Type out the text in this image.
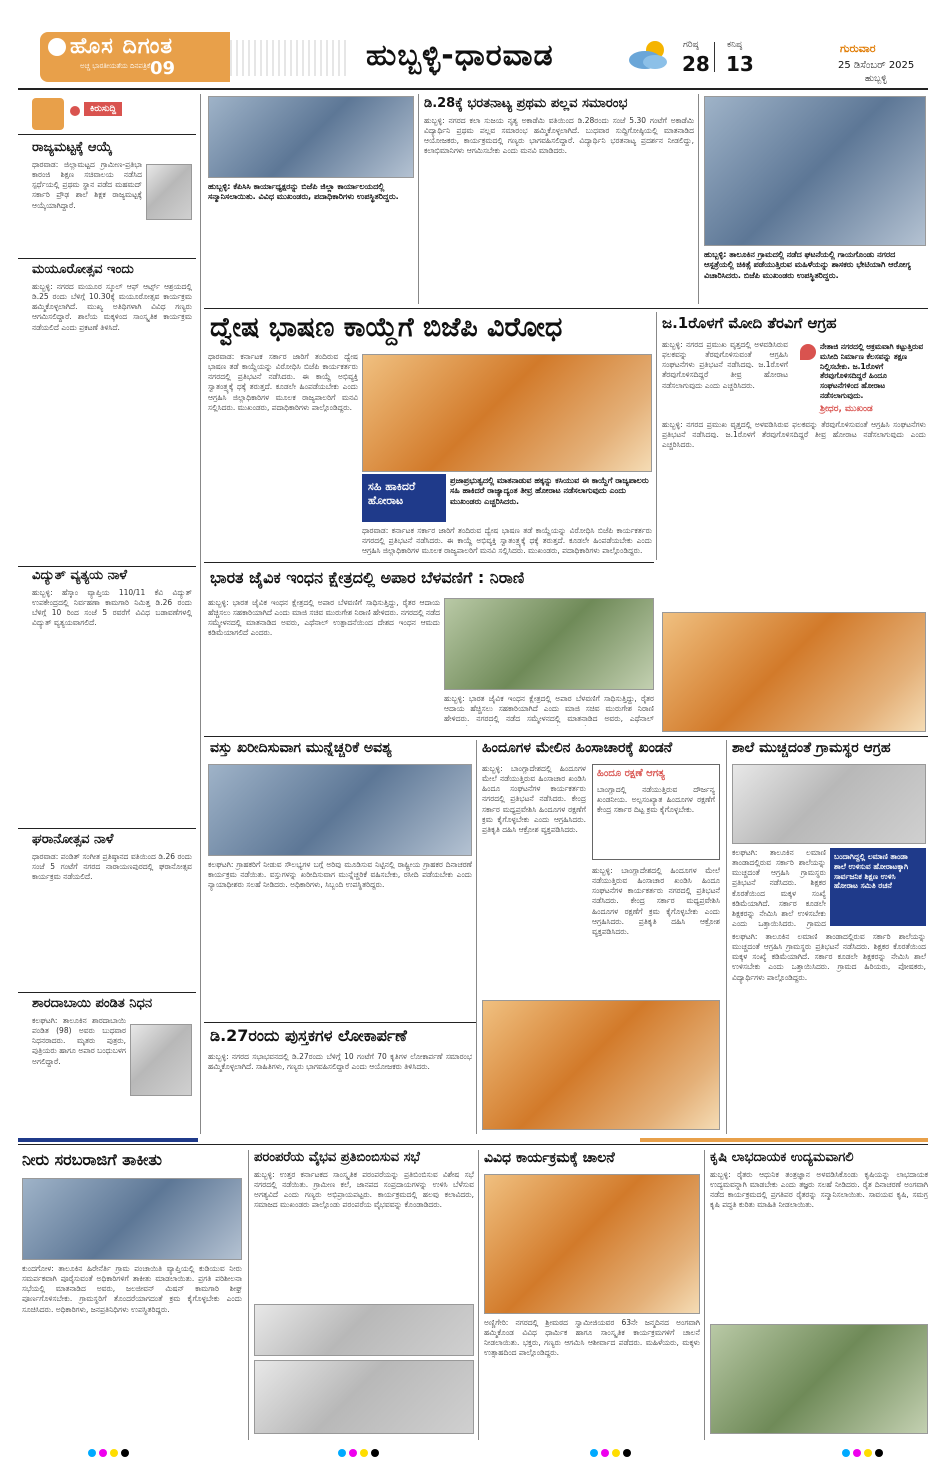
ಹೊಸ ದಿಗಂತ
ಅಚ್ಚ ಭಾರತೀಯತೆಯ ದಿನಪತ್ರಿಕೆ 09	ಹುಬ್ಬಳ್ಳಿ-ಧಾರವಾಡ	ಗರಿಷ್ಠ
28
ಕನಿಷ್ಠ
13
ಗುರುವಾರ
25 ಡಿಸೆಂಬರ್ 2025
ಹುಬ್ಬಳ್ಳಿ
ಕಿರುಸುದ್ದಿ
ರಾಜ್ಯಮಟ್ಟಕ್ಕೆ ಆಯ್ಕೆ
ಧಾರವಾಡ: ಜಿಲ್ಲಾಮಟ್ಟದ ಗ್ರಾಮೀಣ-ಪ್ರತಿಭಾ ಕಾರಂಜಿ ಶಿಕ್ಷಣ ಸಚಿವಾಲಯ ನಡೆಸಿದ ಸ್ಪರ್ಧೆಯಲ್ಲಿ ಪ್ರಥಮ ಸ್ಥಾನ ಪಡೆದ ಮಹಮದ್ ಸರ್ಕಾರಿ ಪ್ರೌಢ ಶಾಲೆ ಶಿಕ್ಷಕ ರಾಜ್ಯಮಟ್ಟಕ್ಕೆ ಆಯ್ಕೆಯಾಗಿದ್ದಾರೆ.
ಮಯೂರೋತ್ಸವ ಇಂದು
ಹುಬ್ಬಳ್ಳಿ: ನಗರದ ಮಯೂರ ಸ್ಕೂಲ್ ಆಫ್ ಆರ್ಟ್ಸ್ ಆಶ್ರಯದಲ್ಲಿ ಡಿ.25 ರಂದು ಬೆಳಿಗ್ಗೆ 10.30ಕ್ಕೆ ಮಯೂರೋತ್ಸವ ಕಾರ್ಯಕ್ರಮ ಹಮ್ಮಿಕೊಳ್ಳಲಾಗಿದೆ. ಮುಖ್ಯ ಅತಿಥಿಗಳಾಗಿ ವಿವಿಧ ಗಣ್ಯರು ಆಗಮಿಸಲಿದ್ದಾರೆ. ಶಾಲೆಯ ಮಕ್ಕಳಿಂದ ಸಾಂಸ್ಕೃತಿಕ ಕಾರ್ಯಕ್ರಮ ನಡೆಯಲಿದೆ ಎಂದು ಪ್ರಕಟಣೆ ತಿಳಿಸಿದೆ.
ವಿದ್ಯುತ್ ವ್ಯತ್ಯಯ ನಾಳೆ
ಹುಬ್ಬಳ್ಳಿ: ಹೆಸ್ಕಾಂ ವ್ಯಾಪ್ತಿಯ 110/11 ಕೆವಿ ವಿದ್ಯುತ್ ಉಪಕೇಂದ್ರದಲ್ಲಿ ನಿರ್ವಹಣಾ ಕಾಮಗಾರಿ ನಿಮಿತ್ತ ಡಿ.26 ರಂದು ಬೆಳಿಗ್ಗೆ 10 ರಿಂದ ಸಂಜೆ 5 ರವರೆಗೆ ವಿವಿಧ ಬಡಾವಣೆಗಳಲ್ಲಿ ವಿದ್ಯುತ್ ವ್ಯತ್ಯಯವಾಗಲಿದೆ.
ಘರಾನೋತ್ಸವ ನಾಳೆ
ಧಾರವಾಡ: ಪಂಡಿತ್ ಸಂಗೀತ ಪ್ರತಿಷ್ಠಾನದ ವತಿಯಿಂದ ಡಿ.26 ರಂದು ಸಂಜೆ 5 ಗಂಟೆಗೆ ನಗರದ ನಾರಾಯಣಪುರದಲ್ಲಿ ಘರಾನೋತ್ಸವ ಕಾರ್ಯಕ್ರಮ ನಡೆಯಲಿದೆ.
ಶಾರದಾಬಾಯಿ ಪಂಡಿತ ನಿಧನ
ಕಲಘಟಗಿ: ತಾಲೂಕಿನ ಶಾರದಾಬಾಯಿ ಪಂಡಿತ (98) ಅವರು ಬುಧವಾರ ನಿಧನರಾದರು. ಮೃತರು ಪುತ್ರರು, ಪುತ್ರಿಯರು ಹಾಗೂ ಅಪಾರ ಬಂಧುಬಳಗ ಅಗಲಿದ್ದಾರೆ.
ಹುಬ್ಬಳ್ಳಿ: ಕೆಪಿಸಿಸಿ ಕಾರ್ಯಾಧ್ಯಕ್ಷರನ್ನು ಬಿಜೆಪಿ ಜಿಲ್ಲಾ ಕಾರ್ಯಾಲಯದಲ್ಲಿ ಸನ್ಮಾನಿಸಲಾಯಿತು. ವಿವಿಧ ಮುಖಂಡರು, ಪದಾಧಿಕಾರಿಗಳು ಉಪಸ್ಥಿತರಿದ್ದರು.
ಡಿ.28ಕ್ಕೆ ಭರತನಾಟ್ಯ ಪ್ರಥಮ ಪಲ್ಲವ ಸಮಾರಂಭ
ಹುಬ್ಬಳ್ಳಿ: ನಗರದ ಕಲಾ ಸುಜಯ ನೃತ್ಯ ಅಕಾಡೆಮಿ ವತಿಯಿಂದ ಡಿ.28ರಂದು ಸಂಜೆ 5.30 ಗಂಟೆಗೆ ಅಕಾಡೆಮಿ ವಿದ್ಯಾರ್ಥಿನಿ ಪ್ರಥಮ ಪಲ್ಲವ ಸಮಾರಂಭ ಹಮ್ಮಿಕೊಳ್ಳಲಾಗಿದೆ. ಬುಧವಾರ ಸುದ್ದಿಗೋಷ್ಠಿಯಲ್ಲಿ ಮಾತನಾಡಿದ ಆಯೋಜಕರು, ಕಾರ್ಯಕ್ರಮದಲ್ಲಿ ಗಣ್ಯರು ಭಾಗವಹಿಸಲಿದ್ದಾರೆ. ವಿದ್ಯಾರ್ಥಿನಿ ಭರತನಾಟ್ಯ ಪ್ರದರ್ಶನ ನೀಡಲಿದ್ದು, ಕಲಾಭಿಮಾನಿಗಳು ಆಗಮಿಸಬೇಕು ಎಂದು ಮನವಿ ಮಾಡಿದರು.
ಹುಬ್ಬಳ್ಳಿ: ತಾಲೂಕಿನ ಗ್ರಾಮದಲ್ಲಿ ನಡೆದ ಘಟನೆಯಲ್ಲಿ ಗಾಯಗೊಂಡು ನಗರದ ಆಸ್ಪತ್ರೆಯಲ್ಲಿ ಚಿಕಿತ್ಸೆ ಪಡೆಯುತ್ತಿರುವ ಮಹಿಳೆಯನ್ನು ಶಾಸಕರು ಭೇಟಿಯಾಗಿ ಆರೋಗ್ಯ ವಿಚಾರಿಸಿದರು. ಬಿಜೆಪಿ ಮುಖಂಡರು ಉಪಸ್ಥಿತರಿದ್ದರು.
ದ್ವೇಷ ಭಾಷಣ ಕಾಯ್ದೆಗೆ ಬಿಜೆಪಿ ವಿರೋಧ
ಧಾರವಾಡ: ಕರ್ನಾಟಕ ಸರ್ಕಾರ ಜಾರಿಗೆ ತಂದಿರುವ ದ್ವೇಷ ಭಾಷಣ ತಡೆ ಕಾಯ್ದೆಯನ್ನು ವಿರೋಧಿಸಿ ಬಿಜೆಪಿ ಕಾರ್ಯಕರ್ತರು ನಗರದಲ್ಲಿ ಪ್ರತಿಭಟನೆ ನಡೆಸಿದರು. ಈ ಕಾಯ್ದೆ ಅಭಿವ್ಯಕ್ತಿ ಸ್ವಾತಂತ್ರ್ಯಕ್ಕೆ ಧಕ್ಕೆ ತರುತ್ತದೆ. ಕೂಡಲೇ ಹಿಂಪಡೆಯಬೇಕು ಎಂದು ಆಗ್ರಹಿಸಿ ಜಿಲ್ಲಾಧಿಕಾರಿಗಳ ಮೂಲಕ ರಾಜ್ಯಪಾಲರಿಗೆ ಮನವಿ ಸಲ್ಲಿಸಿದರು. ಮುಖಂಡರು, ಪದಾಧಿಕಾರಿಗಳು ಪಾಲ್ಗೊಂಡಿದ್ದರು.
ಸಹಿ ಹಾಕಿದರೆ ಹೋರಾಟ
ಪ್ರಜಾಪ್ರಭುತ್ವದಲ್ಲಿ ಮಾತನಾಡುವ ಹಕ್ಕನ್ನು ಕಸಿಯುವ ಈ ಕಾಯ್ದೆಗೆ ರಾಜ್ಯಪಾಲರು ಸಹಿ ಹಾಕಿದರೆ ರಾಜ್ಯಾದ್ಯಂತ ತೀವ್ರ ಹೋರಾಟ ನಡೆಸಲಾಗುವುದು ಎಂದು ಮುಖಂಡರು ಎಚ್ಚರಿಸಿದರು.
ಧಾರವಾಡ: ಕರ್ನಾಟಕ ಸರ್ಕಾರ ಜಾರಿಗೆ ತಂದಿರುವ ದ್ವೇಷ ಭಾಷಣ ತಡೆ ಕಾಯ್ದೆಯನ್ನು ವಿರೋಧಿಸಿ ಬಿಜೆಪಿ ಕಾರ್ಯಕರ್ತರು ನಗರದಲ್ಲಿ ಪ್ರತಿಭಟನೆ ನಡೆಸಿದರು. ಈ ಕಾಯ್ದೆ ಅಭಿವ್ಯಕ್ತಿ ಸ್ವಾತಂತ್ರ್ಯಕ್ಕೆ ಧಕ್ಕೆ ತರುತ್ತದೆ. ಕೂಡಲೇ ಹಿಂಪಡೆಯಬೇಕು ಎಂದು ಆಗ್ರಹಿಸಿ ಜಿಲ್ಲಾಧಿಕಾರಿಗಳ ಮೂಲಕ ರಾಜ್ಯಪಾಲರಿಗೆ ಮನವಿ ಸಲ್ಲಿಸಿದರು. ಮುಖಂಡರು, ಪದಾಧಿಕಾರಿಗಳು ಪಾಲ್ಗೊಂಡಿದ್ದರು.
ಜ.1ರೊಳಗೆ ಮೋದಿ ತೆರವಿಗೆ ಆಗ್ರಹ
ಹುಬ್ಬಳ್ಳಿ: ನಗರದ ಪ್ರಮುಖ ವೃತ್ತದಲ್ಲಿ ಅಳವಡಿಸಿರುವ ಫಲಕವನ್ನು ತೆರವುಗೊಳಿಸುವಂತೆ ಆಗ್ರಹಿಸಿ ಸಂಘಟನೆಗಳು ಪ್ರತಿಭಟನೆ ನಡೆಸಿದವು. ಜ.1ರೊಳಗೆ ತೆರವುಗೊಳಿಸದಿದ್ದರೆ ತೀವ್ರ ಹೋರಾಟ ನಡೆಸಲಾಗುವುದು ಎಂದು ಎಚ್ಚರಿಸಿದರು.
ನೇತಾಜಿ ನಗರದಲ್ಲಿ ಅಕ್ರಮವಾಗಿ ಕಟ್ಟುತ್ತಿರುವ ಮಸೀದಿ ನಿರ್ಮಾಣ ಕೆಲಸವನ್ನು ತಕ್ಷಣ ನಿಲ್ಲಿಸಬೇಕು. ಜ.1ರೊಳಗೆ ತೆರವುಗೊಳಿಸದಿದ್ದರೆ ಹಿಂದೂ ಸಂಘಟನೆಗಳಿಂದ ಹೋರಾಟ ನಡೆಸಲಾಗುವುದು.
ಶ್ರೀಧರ, ಮುಖಂಡ
ಹುಬ್ಬಳ್ಳಿ: ನಗರದ ಪ್ರಮುಖ ವೃತ್ತದಲ್ಲಿ ಅಳವಡಿಸಿರುವ ಫಲಕವನ್ನು ತೆರವುಗೊಳಿಸುವಂತೆ ಆಗ್ರಹಿಸಿ ಸಂಘಟನೆಗಳು ಪ್ರತಿಭಟನೆ ನಡೆಸಿದವು. ಜ.1ರೊಳಗೆ ತೆರವುಗೊಳಿಸದಿದ್ದರೆ ತೀವ್ರ ಹೋರಾಟ ನಡೆಸಲಾಗುವುದು ಎಂದು ಎಚ್ಚರಿಸಿದರು.
ಭಾರತ ಜೈವಿಕ ಇಂಧನ ಕ್ಷೇತ್ರದಲ್ಲಿ ಅಪಾರ ಬೆಳವಣಿಗೆ : ನಿರಾಣಿ
ಹುಬ್ಬಳ್ಳಿ: ಭಾರತ ಜೈವಿಕ ಇಂಧನ ಕ್ಷೇತ್ರದಲ್ಲಿ ಅಪಾರ ಬೆಳವಣಿಗೆ ಸಾಧಿಸುತ್ತಿದ್ದು, ರೈತರ ಆದಾಯ ಹೆಚ್ಚಿಸಲು ಸಹಕಾರಿಯಾಗಿದೆ ಎಂದು ಮಾಜಿ ಸಚಿವ ಮುರುಗೇಶ ನಿರಾಣಿ ಹೇಳಿದರು. ನಗರದಲ್ಲಿ ನಡೆದ ಸಮ್ಮೇಳನದಲ್ಲಿ ಮಾತನಾಡಿದ ಅವರು, ಎಥೆನಾಲ್ ಉತ್ಪಾದನೆಯಿಂದ ದೇಶದ ಇಂಧನ ಆಮದು ಕಡಿಮೆಯಾಗಲಿದೆ ಎಂದರು.
ಹುಬ್ಬಳ್ಳಿ: ಭಾರತ ಜೈವಿಕ ಇಂಧನ ಕ್ಷೇತ್ರದಲ್ಲಿ ಅಪಾರ ಬೆಳವಣಿಗೆ ಸಾಧಿಸುತ್ತಿದ್ದು, ರೈತರ ಆದಾಯ ಹೆಚ್ಚಿಸಲು ಸಹಕಾರಿಯಾಗಿದೆ ಎಂದು ಮಾಜಿ ಸಚಿವ ಮುರುಗೇಶ ನಿರಾಣಿ ಹೇಳಿದರು. ನಗರದಲ್ಲಿ ನಡೆದ ಸಮ್ಮೇಳನದಲ್ಲಿ ಮಾತನಾಡಿದ ಅವರು, ಎಥೆನಾಲ್
ವಸ್ತು ಖರೀದಿಸುವಾಗ ಮುನ್ನೆಚ್ಚರಿಕೆ ಅವಶ್ಯ
ಕಲಘಟಗಿ: ಗ್ರಾಹಕರಿಗೆ ನೀಡುವ ಸೌಲಭ್ಯಗಳ ಬಗ್ಗೆ ಅರಿವು ಮೂಡಿಸುವ ನಿಟ್ಟಿನಲ್ಲಿ ರಾಷ್ಟ್ರೀಯ ಗ್ರಾಹಕರ ದಿನಾಚರಣೆ ಕಾರ್ಯಕ್ರಮ ನಡೆಯಿತು. ವಸ್ತುಗಳನ್ನು ಖರೀದಿಸುವಾಗ ಮುನ್ನೆಚ್ಚರಿಕೆ ವಹಿಸಬೇಕು, ರಸೀದಿ ಪಡೆಯಬೇಕು ಎಂದು ನ್ಯಾಯಾಧೀಶರು ಸಲಹೆ ನೀಡಿದರು. ಅಧಿಕಾರಿಗಳು, ಸಿಬ್ಬಂದಿ ಉಪಸ್ಥಿತರಿದ್ದರು.
ಹಿಂದೂಗಳ ಮೇಲಿನ ಹಿಂಸಾಚಾರಕ್ಕೆ ಖಂಡನೆ
ಹುಬ್ಬಳ್ಳಿ: ಬಾಂಗ್ಲಾದೇಶದಲ್ಲಿ ಹಿಂದೂಗಳ ಮೇಲೆ ನಡೆಯುತ್ತಿರುವ ಹಿಂಸಾಚಾರ ಖಂಡಿಸಿ ಹಿಂದೂ ಸಂಘಟನೆಗಳ ಕಾರ್ಯಕರ್ತರು ನಗರದಲ್ಲಿ ಪ್ರತಿಭಟನೆ ನಡೆಸಿದರು. ಕೇಂದ್ರ ಸರ್ಕಾರ ಮಧ್ಯಪ್ರವೇಶಿಸಿ ಹಿಂದೂಗಳ ರಕ್ಷಣೆಗೆ ಕ್ರಮ ಕೈಗೊಳ್ಳಬೇಕು ಎಂದು ಆಗ್ರಹಿಸಿದರು. ಪ್ರತಿಕೃತಿ ದಹಿಸಿ ಆಕ್ರೋಶ ವ್ಯಕ್ತಪಡಿಸಿದರು.
ಹಿಂದೂ ರಕ್ಷಣೆ ಆಗತ್ಯ
ಬಾಂಗ್ಲಾದಲ್ಲಿ ನಡೆಯುತ್ತಿರುವ ದೌರ್ಜನ್ಯ ಖಂಡನೀಯ. ಅಲ್ಪಸಂಖ್ಯಾತ ಹಿಂದೂಗಳ ರಕ್ಷಣೆಗೆ ಕೇಂದ್ರ ಸರ್ಕಾರ ದಿಟ್ಟ ಕ್ರಮ ಕೈಗೊಳ್ಳಬೇಕು.
ಹುಬ್ಬಳ್ಳಿ: ಬಾಂಗ್ಲಾದೇಶದಲ್ಲಿ ಹಿಂದೂಗಳ ಮೇಲೆ ನಡೆಯುತ್ತಿರುವ ಹಿಂಸಾಚಾರ ಖಂಡಿಸಿ ಹಿಂದೂ ಸಂಘಟನೆಗಳ ಕಾರ್ಯಕರ್ತರು ನಗರದಲ್ಲಿ ಪ್ರತಿಭಟನೆ ನಡೆಸಿದರು. ಕೇಂದ್ರ ಸರ್ಕಾರ ಮಧ್ಯಪ್ರವೇಶಿಸಿ ಹಿಂದೂಗಳ ರಕ್ಷಣೆಗೆ ಕ್ರಮ ಕೈಗೊಳ್ಳಬೇಕು ಎಂದು ಆಗ್ರಹಿಸಿದರು. ಪ್ರತಿಕೃತಿ ದಹಿಸಿ ಆಕ್ರೋಶ ವ್ಯಕ್ತಪಡಿಸಿದರು.
ಶಾಲೆ ಮುಚ್ಚದಂತೆ ಗ್ರಾಮಸ್ಥರ ಆಗ್ರಹ
ಬಂದಾಗಿದ್ದಲ್ಲಿ ಲಮಾಣಿ ತಾಂಡಾ ಶಾಲೆ ಉಳಿಸುವ ಹೋರಾಟಕ್ಕಾಗಿ ಸಾರ್ವಜನಿಕ ಶಿಕ್ಷಣ ಉಳಿಸಿ ಹೋರಾಟ ಸಮಿತಿ ರಚನೆ
ಕಲಘಟಗಿ: ತಾಲೂಕಿನ ಲಮಾಣಿ ತಾಂಡಾದಲ್ಲಿರುವ ಸರ್ಕಾರಿ ಶಾಲೆಯನ್ನು ಮುಚ್ಚದಂತೆ ಆಗ್ರಹಿಸಿ ಗ್ರಾಮಸ್ಥರು ಪ್ರತಿಭಟನೆ ನಡೆಸಿದರು. ಶಿಕ್ಷಕರ ಕೊರತೆಯಿಂದ ಮಕ್ಕಳ ಸಂಖ್ಯೆ ಕಡಿಮೆಯಾಗಿದೆ. ಸರ್ಕಾರ ಕೂಡಲೇ ಶಿಕ್ಷಕರನ್ನು ನೇಮಿಸಿ ಶಾಲೆ ಉಳಿಸಬೇಕು ಎಂದು ಒತ್ತಾಯಿಸಿದರು. ಗ್ರಾಮದ
ಕಲಘಟಗಿ: ತಾಲೂಕಿನ ಲಮಾಣಿ ತಾಂಡಾದಲ್ಲಿರುವ ಸರ್ಕಾರಿ ಶಾಲೆಯನ್ನು ಮುಚ್ಚದಂತೆ ಆಗ್ರಹಿಸಿ ಗ್ರಾಮಸ್ಥರು ಪ್ರತಿಭಟನೆ ನಡೆಸಿದರು. ಶಿಕ್ಷಕರ ಕೊರತೆಯಿಂದ ಮಕ್ಕಳ ಸಂಖ್ಯೆ ಕಡಿಮೆಯಾಗಿದೆ. ಸರ್ಕಾರ ಕೂಡಲೇ ಶಿಕ್ಷಕರನ್ನು ನೇಮಿಸಿ ಶಾಲೆ ಉಳಿಸಬೇಕು ಎಂದು ಒತ್ತಾಯಿಸಿದರು. ಗ್ರಾಮದ ಹಿರಿಯರು, ಪೋಷಕರು, ವಿದ್ಯಾರ್ಥಿಗಳು ಪಾಲ್ಗೊಂಡಿದ್ದರು.
ಡಿ.27ರಂದು ಪುಸ್ತಕಗಳ ಲೋಕಾರ್ಪಣೆ
ಹುಬ್ಬಳ್ಳಿ: ನಗರದ ಸಭಾಭವನದಲ್ಲಿ ಡಿ.27ರಂದು ಬೆಳಿಗ್ಗೆ 10 ಗಂಟೆಗೆ 70 ಕೃತಿಗಳ ಲೋಕಾರ್ಪಣೆ ಸಮಾರಂಭ ಹಮ್ಮಿಕೊಳ್ಳಲಾಗಿದೆ. ಸಾಹಿತಿಗಳು, ಗಣ್ಯರು ಭಾಗವಹಿಸಲಿದ್ದಾರೆ ಎಂದು ಆಯೋಜಕರು ತಿಳಿಸಿದರು.
ನೀರು ಸರಬರಾಜಿಗೆ ತಾಕೀತು
ಕುಂದಗೋಳ: ತಾಲೂಕಿನ ಹಿರೇನೆರ್ತಿ ಗ್ರಾಮ ಪಂಚಾಯಿತಿ ವ್ಯಾಪ್ತಿಯಲ್ಲಿ ಕುಡಿಯುವ ನೀರು ಸಮರ್ಪಕವಾಗಿ ಪೂರೈಸುವಂತೆ ಅಧಿಕಾರಿಗಳಿಗೆ ತಾಕೀತು ಮಾಡಲಾಯಿತು. ಪ್ರಗತಿ ಪರಿಶೀಲನಾ ಸಭೆಯಲ್ಲಿ ಮಾತನಾಡಿದ ಅವರು, ಜಲಜೀವನ್ ಮಿಷನ್ ಕಾಮಗಾರಿ ಶೀಘ್ರ ಪೂರ್ಣಗೊಳಿಸಬೇಕು. ಗ್ರಾಮಸ್ಥರಿಗೆ ತೊಂದರೆಯಾಗದಂತೆ ಕ್ರಮ ಕೈಗೊಳ್ಳಬೇಕು ಎಂದು ಸೂಚಿಸಿದರು. ಅಧಿಕಾರಿಗಳು, ಜನಪ್ರತಿನಿಧಿಗಳು ಉಪಸ್ಥಿತರಿದ್ದರು.
ಪರಂಪರೆಯ ವೈಭವ ಪ್ರತಿಬಿಂಬಿಸುವ ಸಭೆ
ಹುಬ್ಬಳ್ಳಿ: ಉತ್ತರ ಕರ್ನಾಟಕದ ಸಾಂಸ್ಕೃತಿಕ ಪರಂಪರೆಯನ್ನು ಪ್ರತಿಬಿಂಬಿಸುವ ವಿಶೇಷ ಸಭೆ ನಗರದಲ್ಲಿ ನಡೆಯಿತು. ಗ್ರಾಮೀಣ ಕಲೆ, ಜಾನಪದ ಸಂಪ್ರದಾಯಗಳನ್ನು ಉಳಿಸಿ ಬೆಳೆಸುವ ಅಗತ್ಯವಿದೆ ಎಂದು ಗಣ್ಯರು ಅಭಿಪ್ರಾಯಪಟ್ಟರು. ಕಾರ್ಯಕ್ರಮದಲ್ಲಿ ಹಲವು ಕಲಾವಿದರು, ಸಮಾಜದ ಮುಖಂಡರು ಪಾಲ್ಗೊಂಡು ಪರಂಪರೆಯ ವೈಭವವನ್ನು ಕೊಂಡಾಡಿದರು.
ವಿವಿಧ ಕಾರ್ಯಕ್ರಮಕ್ಕೆ ಚಾಲನೆ
ಅಣ್ಣಿಗೇರಿ: ನಗರದಲ್ಲಿ ಶ್ರೀಮಠದ ಸ್ವಾಮೀಜಿಯವರ 63ನೇ ಜನ್ಮದಿನದ ಅಂಗವಾಗಿ ಹಮ್ಮಿಕೊಂಡ ವಿವಿಧ ಧಾರ್ಮಿಕ ಹಾಗೂ ಸಾಂಸ್ಕೃತಿಕ ಕಾರ್ಯಕ್ರಮಗಳಿಗೆ ಚಾಲನೆ ನೀಡಲಾಯಿತು. ಭಕ್ತರು, ಗಣ್ಯರು ಆಗಮಿಸಿ ಆಶೀರ್ವಾದ ಪಡೆದರು. ಮಹಿಳೆಯರು, ಮಕ್ಕಳು ಉತ್ಸಾಹದಿಂದ ಪಾಲ್ಗೊಂಡಿದ್ದರು.
ಕೃಷಿ ಲಾಭದಾಯಕ ಉದ್ಯಮವಾಗಲಿ
ಹುಬ್ಬಳ್ಳಿ: ರೈತರು ಆಧುನಿಕ ತಂತ್ರಜ್ಞಾನ ಅಳವಡಿಸಿಕೊಂಡು ಕೃಷಿಯನ್ನು ಲಾಭದಾಯಕ ಉದ್ಯಮವನ್ನಾಗಿ ಮಾಡಬೇಕು ಎಂದು ತಜ್ಞರು ಸಲಹೆ ನೀಡಿದರು. ರೈತ ದಿನಾಚರಣೆ ಅಂಗವಾಗಿ ನಡೆದ ಕಾರ್ಯಕ್ರಮದಲ್ಲಿ ಪ್ರಗತಿಪರ ರೈತರನ್ನು ಸನ್ಮಾನಿಸಲಾಯಿತು. ಸಾವಯವ ಕೃಷಿ, ಸಮಗ್ರ ಕೃಷಿ ಪದ್ಧತಿ ಕುರಿತು ಮಾಹಿತಿ ನೀಡಲಾಯಿತು.
